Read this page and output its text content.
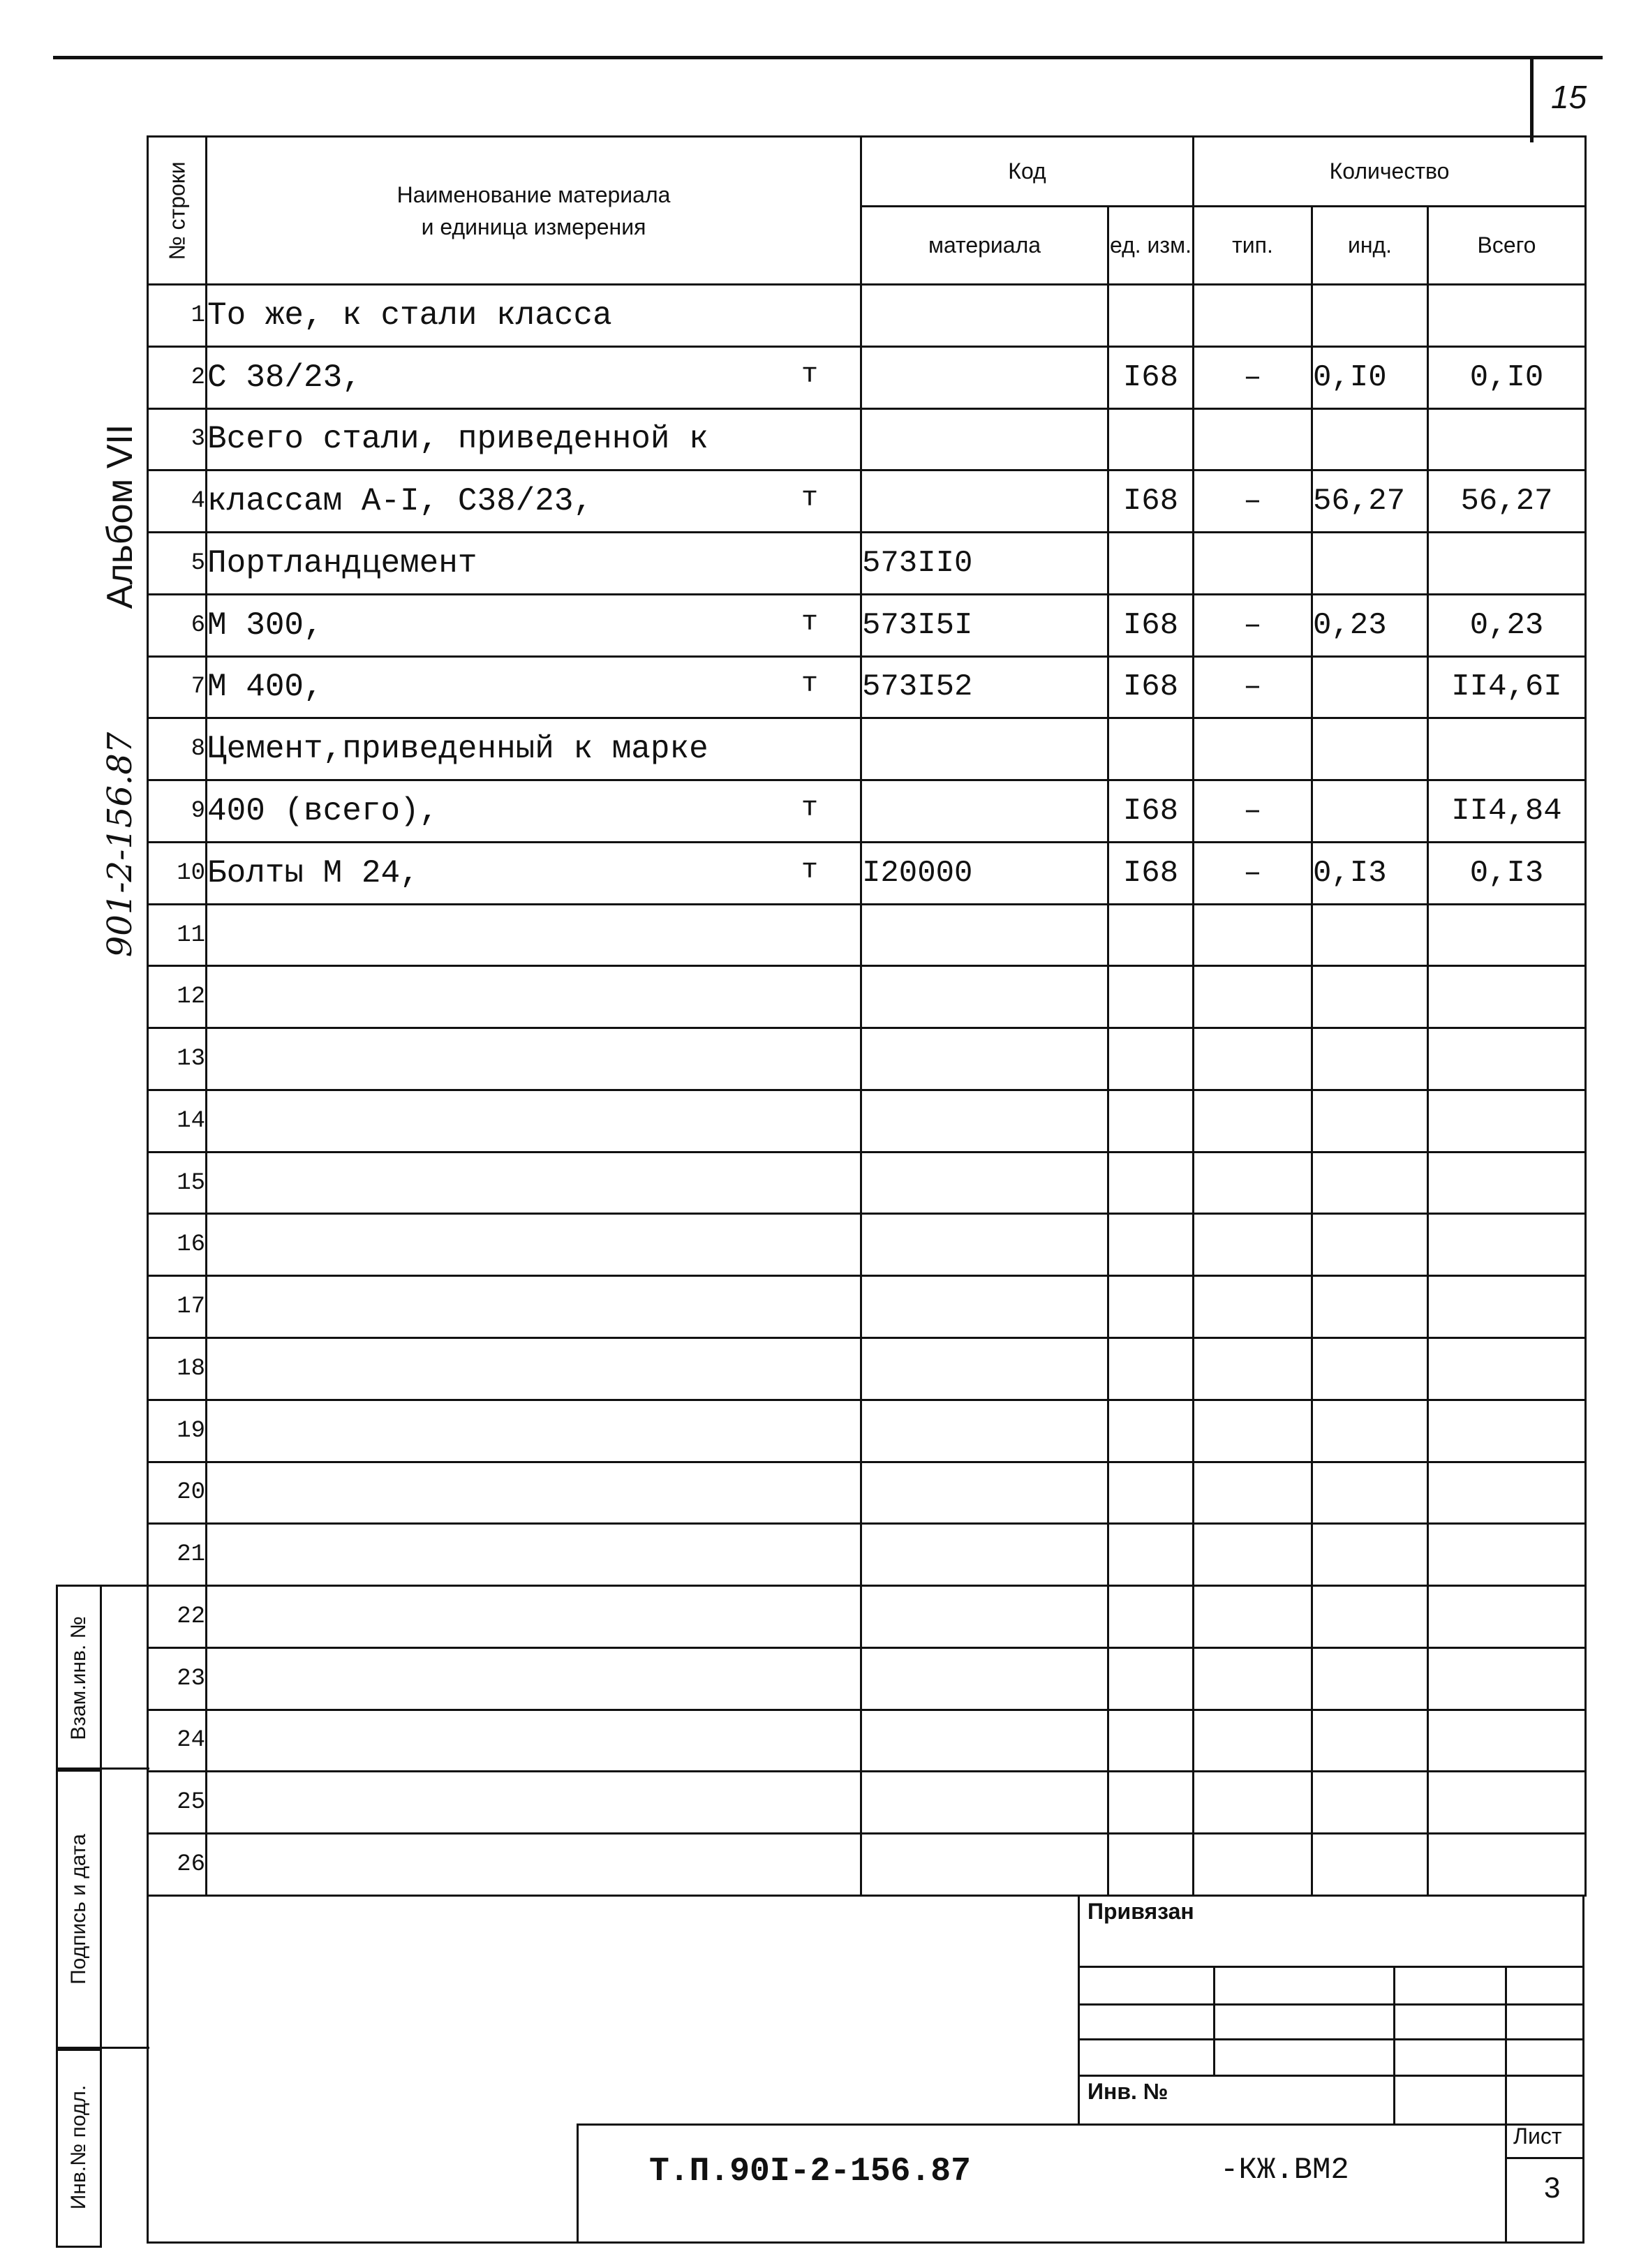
15
Альбом VII
901-2-156.87
№ строки	Наименование материала
и единица измерения	Код		Количество		
		материала	ед. изм.	тип.	инд.	Всего
1	То же, к стали класса

2	С 38/23, т		I68	–	0,I0	0,I0
3	Всего стали, приведенной к

4	классам А-I, С38/23, т		I68	–	56,27	56,27
5	Портландцемент	573II0				
6	М 300, т	573I5I	I68	–	0,23	0,23
7	М 400, т	573I52	I68	–		II4,6I
8	Цемент,приведенный к марке

9	400 (всего), т		I68	–		II4,84
10	Болты М 24, т	I20000	I68	–	0,I3	0,I3
11	

12	

13	

14	

15	

16	

17	

18	

19	

20	

21	

22	

23	

24	

25	

26	

Взам.инв. №
Подпись и дата
Инв.№ подл.
Привязан
Инв. №
Т.П.90I-2-156.87	-КЖ.ВМ2
Лист
3
